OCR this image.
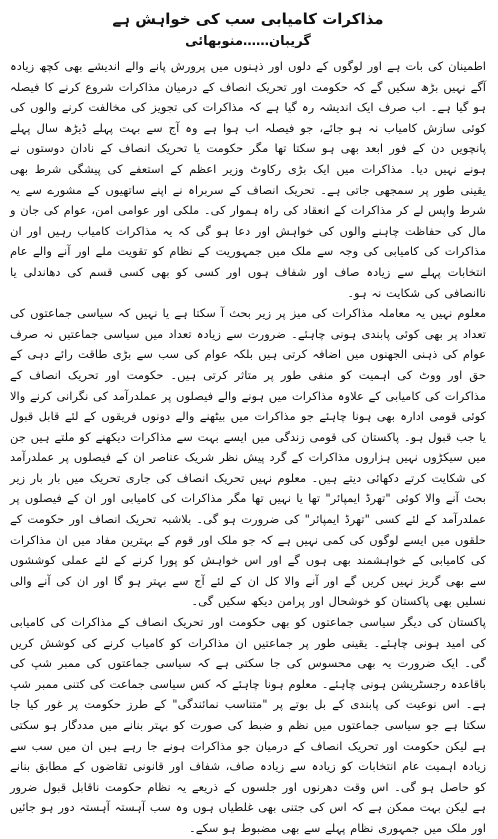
مذاکرات کامیابی سب کی خواہش ہے
گریبان……منوبھائی

اطمینان کی بات ہے اور لوگوں کے دلوں اور ذہنوں میں پرورش پانے والے اندیشے بھی کچھ زیادہ آگے نہیں بڑھ سکیں گے کہ حکومت اور تحریک انصاف کے درمیان مذاکرات شروع کرنے کا فیصلہ ہو گیا ہے۔ اب صرف ایک اندیشہ رہ گیا ہے کہ مذاکرات کی تجویز کی مخالفت کرنے والوں کی کوئی سازش کامیاب نہ ہو جائے، جو فیصلہ اب ہوا ہے وہ آج سے بہت پہلے ڈیڑھ سال پہلے پانچویں دن کے فور ابعد بھی ہو سکتا تھا مگر حکومت یا تحریک انصاف کے نادان دوستوں نے ہونے نہیں دیا۔ مذاکرات میں ایک بڑی رکاوٹ وزیر اعظم کے استعفے کی پیشگی شرط بھی یقینی طور پر سمجھی جاتی ہے۔ تحریک انصاف کے سربراہ نے اپنے ساتھیوں کے مشورے سے یہ شرط واپس لے کر مذاکرات کے انعقاد کی راہ ہموار کی۔ ملکی اور عوامی امن، عوام کی جان و مال کی حفاظت چاہنے والوں کی خواہش اور دعا ہو گی کہ یہ مذاکرات کامیاب رہیں اور ان مذاکرات کی کامیابی کی وجہ سے ملک میں جمہوریت کے نظام کو تقویت ملے اور آنے والے عام انتخابات پہلے سے زیادہ صاف اور شفاف ہوں اور کسی کو بھی کسی قسم کی دھاندلی یا ناانصافی کی شکایت نہ ہو۔

معلوم نہیں یہ معاملہ مذاکرات کی میز پر زیر بحث آ سکتا ہے یا نہیں کہ سیاسی جماعتوں کی تعداد پر بھی کوئی پابندی ہونی چاہئے۔ ضرورت سے زیادہ تعداد میں سیاسی جماعتیں نہ صرف عوام کی ذہنی الجھنوں میں اضافہ کرتی ہیں بلکہ عوام کی سب سے بڑی طاقت رائے دہی کے حق اور ووٹ کی اہمیت کو منفی طور پر متاثر کرتی ہیں۔ حکومت اور تحریک انصاف کے مذاکرات کی کامیابی کے علاوہ مذاکرات میں ہونے والے فیصلوں پر عملدرآمد کی نگرانی کرنے والا کوئی قومی ادارہ بھی ہونا چاہئے جو مذاکرات میں بیٹھنے والے دونوں فریقوں کے لئے قابل قبول یا جب قبول ہو۔ پاکستان کی قومی زندگی میں ایسے بہت سے مذاکرات دیکھنے کو ملتے ہیں جن میں سیکڑوں نہیں ہزاروں مذاکرات کے گرد پیش نظر شریک عناصر ان کے فیصلوں پر عملدرآمد کی شکایت کرتے دکھائی دیتے ہیں۔ معلوم نہیں تحریک انصاف کی جاری تحریک میں بار بار زیر بحث آنے والا کوئی "تھرڈ ایمپائر" تھا یا نہیں تھا مگر مذاکرات کی کامیابی اور ان کے فیصلوں پر عملدرآمد کے لئے کسی "تھرڈ ایمپائر" کی ضرورت ہو گی۔ بلاشبہ تحریک انصاف اور حکومت کے حلقوں میں ایسے لوگوں کی کمی نہیں ہے کہ جو ملک اور قوم کے بہترین مفاد میں ان مذاکرات کی کامیابی کے خواہشمند بھی ہوں گے اور اس خواہش کو پورا کرنے کے لئے عملی کوششوں سے بھی گریز نہیں کریں گے اور آنے والا کل ان کے لئے آج سے بہتر ہو گا اور ان کی آنے والی نسلیں بھی پاکستان کو خوشحال اور پرامن دیکھ سکیں گی۔

پاکستان کی دیگر سیاسی جماعتوں کو بھی حکومت اور تحریک انصاف کے مذاکرات کی کامیابی کی امید ہونی چاہئے۔ یقینی طور پر جماعتیں ان مذاکرات کو کامیاب کرنے کی کوشش کریں گی۔ ایک ضرورت یہ بھی محسوس کی جا سکتی ہے کہ سیاسی جماعتوں کی ممبر شپ کی باقاعدہ رجسٹریشن ہونی چاہئے۔ معلوم ہونا چاہئے کہ کس سیاسی جماعت کی کتنی ممبر شپ ہے۔ اس نوعیت کی پابندی کے بل بوتے پر "متناسب نمائندگی" کے طرز حکومت پر غور کیا جا سکتا ہے جو سیاسی جماعتوں میں نظم و ضبط کی صورت کو بہتر بنانے میں مددگار ہو سکتی ہے لیکن حکومت اور تحریک انصاف کے درمیان جو مذاکرات ہونے جا رہے ہیں ان میں سب سے زیادہ اہمیت عام انتخابات کو زیادہ سے زیادہ صاف، شفاف اور قانونی تقاضوں کے مطابق بنانے کو حاصل ہو گی۔ اس وقت دھرنوں اور جلسوں کے ذریعے یہ نظام حکومت ناقابل قبول ضرور ہے لیکن بہت ممکن ہے کہ اس کی جتنی بھی غلطیاں ہوں وہ سب آہستہ آہستہ دور ہو جائیں اور ملک میں جمہوری نظام پہلے سے بھی مضبوط ہو سکے۔
